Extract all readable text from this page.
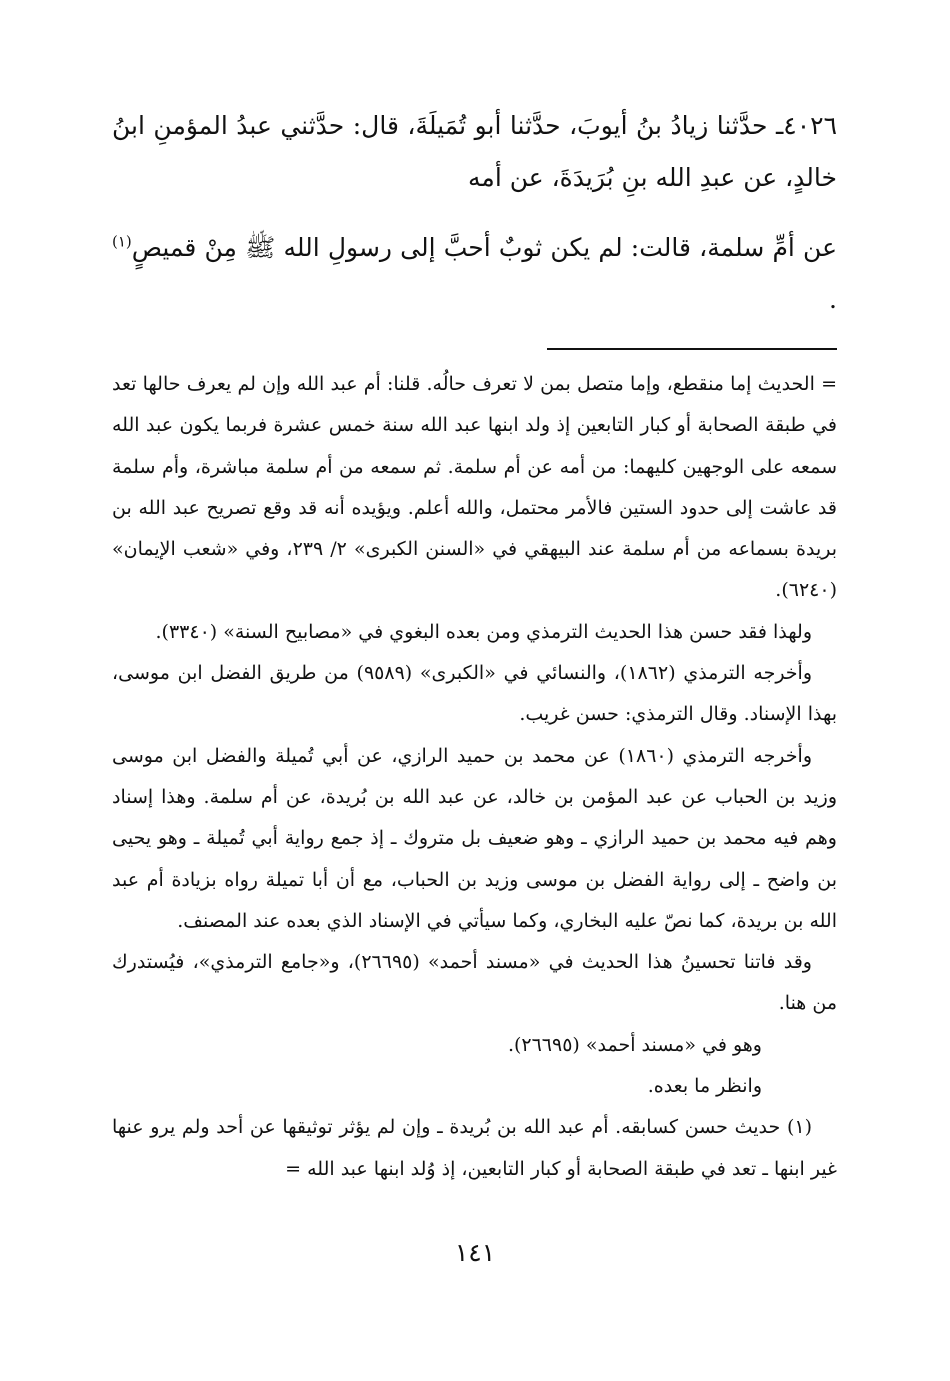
٤٠٢٦ـ حدَّثنا زيادُ بنُ أيوبَ، حدَّثنا أبو تُمَيلَةَ، قال: حدَّثني عبدُ المؤمنِ ابنُ خالدٍ، عن عبدِ الله بنِ بُرَيدَةَ، عن أمه

عن أمِّ سلمة، قالت: لم يكن ثوبٌ أحبَّ إلى رسولِ الله ﷺ مِنْ قميصٍ$^{(١)}$ .

= الحديث إما منقطع، وإما متصل بمن لا تعرف حالُه. قلنا: أم عبد الله وإن لم يعرف حالها تعد في طبقة الصحابة أو كبار التابعين إذ ولد ابنها عبد الله سنة خمس عشرة فربما يكون عبد الله سمعه على الوجهين كليهما: من أمه عن أم سلمة. ثم سمعه من أم سلمة مباشرة، وأم سلمة قد عاشت إلى حدود الستين فالأمر محتمل، والله أعلم. ويؤيده أنه قد وقع تصريح عبد الله بن بريدة بسماعه من أم سلمة عند البيهقي في «السنن الكبرى» ٢/ ٢٣٩، وفي «شعب الإيمان» (٦٢٤٠).

ولهذا فقد حسن هذا الحديث الترمذي ومن بعده البغوي في «مصابيح السنة» (٣٣٤٠).

وأخرجه الترمذي (١٨٦٢)، والنسائي في «الكبرى» (٩٥٨٩) من طريق الفضل ابن موسى، بهذا الإسناد. وقال الترمذي: حسن غريب.

وأخرجه الترمذي (١٨٦٠) عن محمد بن حميد الرازي، عن أبي تُميلة والفضل ابن موسى وزيد بن الحباب عن عبد المؤمن بن خالد، عن عبد الله بن بُريدة، عن أم سلمة. وهذا إسناد وهم فيه محمد بن حميد الرازي ـ وهو ضعيف بل متروك ـ إذ جمع رواية أبي تُميلة ـ وهو يحيى بن واضح ـ إلى رواية الفضل بن موسى وزيد بن الحباب، مع أن أبا تميلة رواه بزيادة أم عبد الله بن بريدة، كما نصّ عليه البخاري، وكما سيأتي في الإسناد الذي بعده عند المصنف.

وقد فاتنا تحسينُ هذا الحديث في «مسند أحمد» (٢٦٦٩٥)، و«جامع الترمذي»، فيُستدرك من هنا.

وهو في «مسند أحمد» (٢٦٦٩٥).

وانظر ما بعده.

(١) حديث حسن كسابقه. أم عبد الله بن بُريدة ـ وإن لم يؤثر توثيقها عن أحد ولم يرو عنها غير ابنها ـ تعد في طبقة الصحابة أو كبار التابعين، إذ وُلد ابنها عبد الله =

١٤١
